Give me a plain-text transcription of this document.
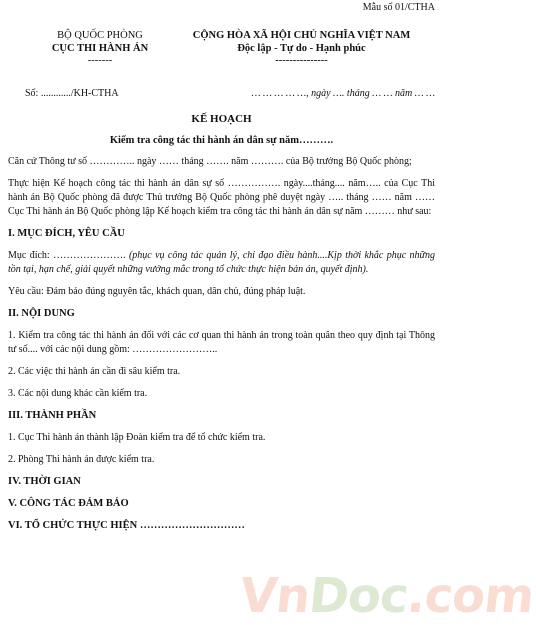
Mẫu số 01/CTHA
BỘ QUỐC PHÒNG
CỤC THI HÀNH ÁN
-------
CỘNG HÒA XÃ HỘI CHỦ NGHĨA VIỆT NAM
Độc lập - Tự do - Hạnh phúc
---------------
Số: ............/KH-CTHA	… … … … …, ngày …. tháng … … năm … …
KẾ HOẠCH
Kiểm tra công tác thi hành án dân sự năm……….

Căn cứ Thông tư số ………….. ngày …… tháng ……. năm ………. của Bộ trưởng Bộ Quốc phòng;

Thực hiện Kế hoạch công tác thi hành án dân sự số ……………. ngày....tháng.... năm….. của Cục Thi hành án Bộ Quốc phòng đã được Thủ trưởng Bộ Quốc phòng phê duyệt ngày ….. tháng …… năm …… Cục Thi hành án Bộ Quốc phòng lập Kế hoạch kiểm tra công tác thi hành án dân sự năm ……… như sau:

I. MỤC ĐÍCH, YÊU CẦU

Mục đích: …………………. (phục vụ công tác quản lý, chỉ đạo điều hành....Kịp thời khắc phục những tồn tại, hạn chế, giải quyết những vướng mắc trong tổ chức thực hiện bản án, quyết định).

Yêu cầu: Đảm bảo đúng nguyên tắc, khách quan, dân chủ, đúng pháp luật.

II. NỘI DUNG

1. Kiểm tra công tác thi hành án đối với các cơ quan thi hành án trong toàn quân theo quy định tại Thông tư số.... với các nội dung gồm: ……………………..

2. Các việc thi hành án cần đi sâu kiểm tra.

3. Các nội dung khác cần kiểm tra.

III. THÀNH PHẦN

1. Cục Thi hành án thành lập Đoàn kiểm tra để tổ chức kiểm tra.

2. Phòng Thi hành án được kiểm tra.

IV. THỜI GIAN
V. CÔNG TÁC ĐẢM BẢO
VI. TỔ CHỨC THỰC HIỆN …………………………
VnDoc.com
